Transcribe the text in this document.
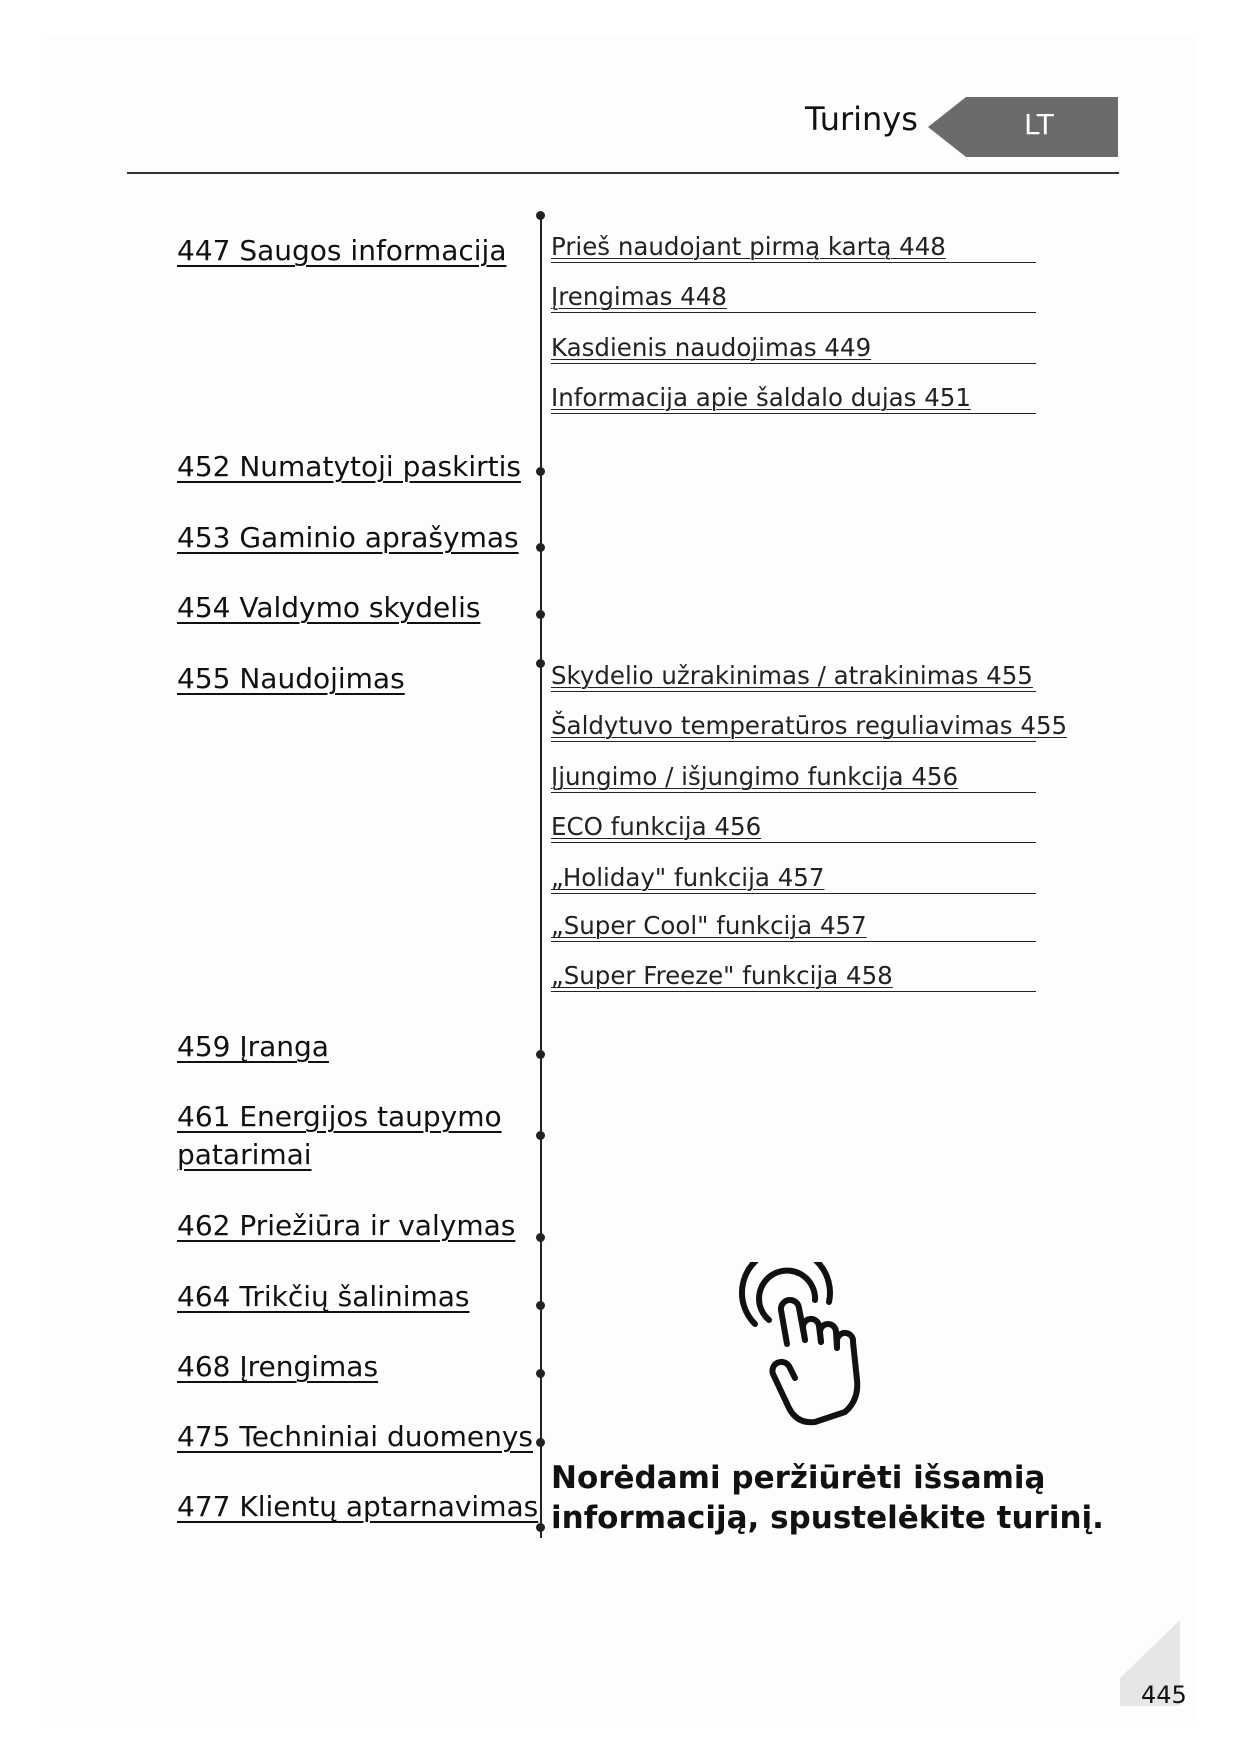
Turinys	LT
447 Saugos informacija
452 Numatytoji paskirtis
453 Gaminio aprašymas
454 Valdymo skydelis
455 Naudojimas
459 Įranga
461 Energijos taupymo
patarimai
462 Priežiūra ir valymas
464 Trikčių šalinimas
468 Įrengimas
475 Techniniai duomenys
477 Klientų aptarnavimas
Prieš naudojant pirmą kartą 448
Įrengimas 448
Kasdienis naudojimas 449
Informacija apie šaldalo dujas 451
Skydelio užrakinimas / atrakinimas 455
Šaldytuvo temperatūros reguliavimas 455
Įjungimo / išjungimo funkcija 456
ECO funkcija 456
„Holiday" funkcija 457
„Super Cool" funkcija 457
„Super Freeze" funkcija 458
Norėdami peržiūrėti išsamią
informaciją, spustelėkite turinį.
445
